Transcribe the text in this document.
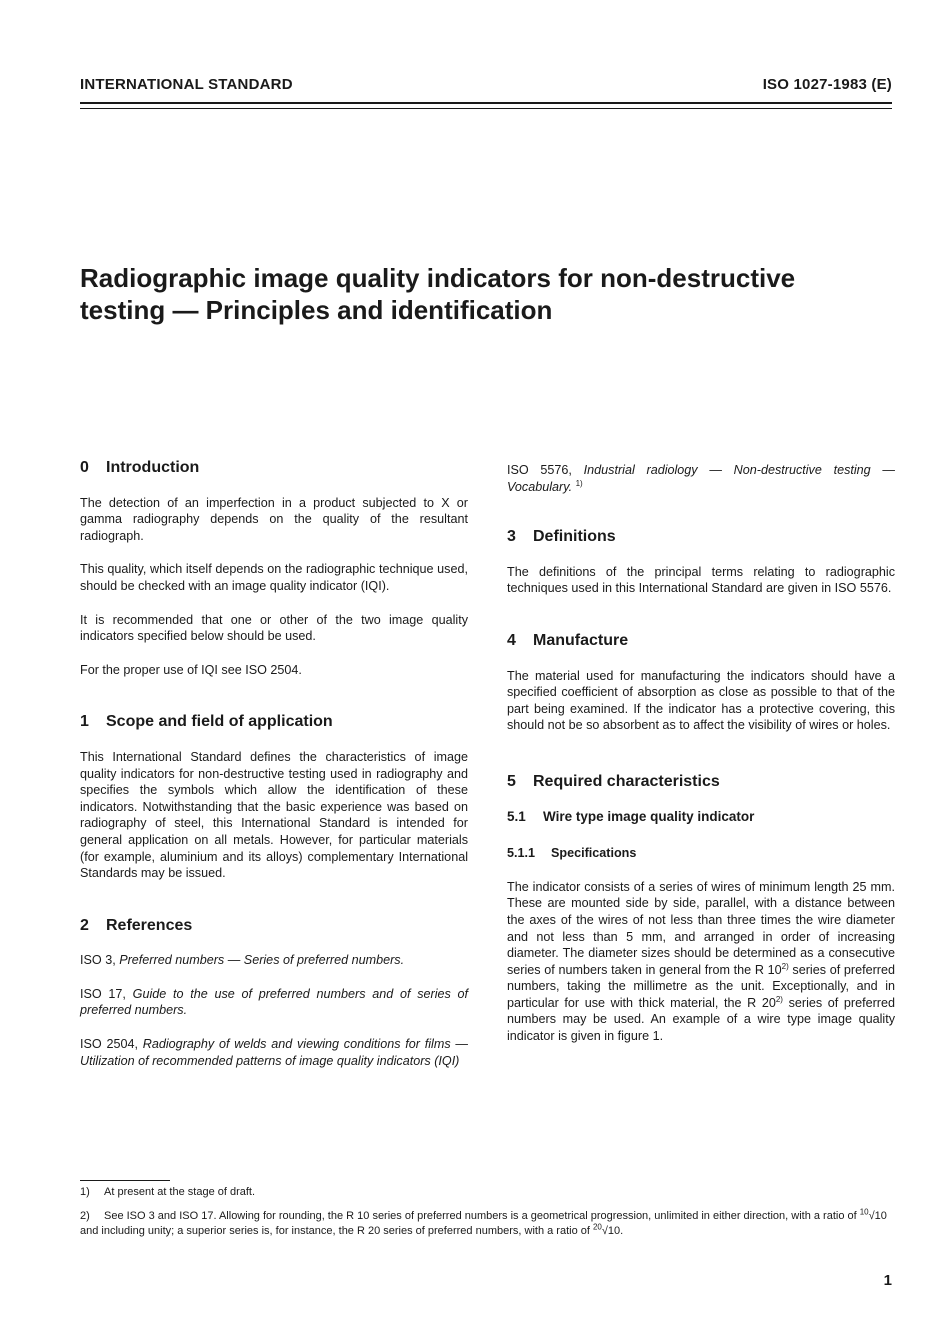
INTERNATIONAL STANDARD	ISO 1027-1983 (E)
Radiographic image quality indicators for non-destructive
testing — Principles and identification
0 Introduction

The detection of an imperfection in a product subjected to X or gamma radiography depends on the quality of the resultant radiograph.

This quality, which itself depends on the radiographic technique used, should be checked with an image quality indicator (IQI).

It is recommended that one or other of the two image quality indicators specified below should be used.

For the proper use of IQI see ISO 2504.

1 Scope and field of application

This International Standard defines the characteristics of image quality indicators for non-destructive testing used in radiography and specifies the symbols which allow the identification of these indicators. Notwithstanding that the basic experience was based on radiography of steel, this International Standard is intended for general application on all metals. However, for particular materials (for example, aluminium and its alloys) complementary International Standards may be issued.

2 References

ISO 3, Preferred numbers — Series of preferred numbers.

ISO 17, Guide to the use of preferred numbers and of series of preferred numbers.

ISO 2504, Radiography of welds and viewing conditions for films — Utilization of recommended patterns of image quality indicators (IQI)

ISO 5576, Industrial radiology — Non-destructive testing — Vocabulary. $^{1)}$

3 Definitions

The definitions of the principal terms relating to radiographic techniques used in this International Standard are given in ISO 5576.

4 Manufacture

The material used for manufacturing the indicators should have a specified coefficient of absorption as close as possible to that of the part being examined. If the indicator has a protective covering, this should not be so absorbent as to affect the visibility of wires or holes.

5 Required characteristics
5.1 Wire type image quality indicator
5.1.1 Specifications

The indicator consists of a series of wires of minimum length 25 mm. These are mounted side by side, parallel, with a distance between the axes of the wires of not less than three times the wire diameter and not less than 5 mm, and arranged in order of increasing diameter. The diameter sizes should be determined as a consecutive series of numbers taken in general from the R 10$^{2)}$ series of preferred numbers, taking the millimetre as the unit. Exceptionally, and in particular for use with thick material, the R 20$^{2)}$ series of preferred numbers may be used. An example of a wire type image quality indicator is given in figure 1.

1) At present at the stage of draft.
2) See ISO 3 and ISO 17. Allowing for rounding, the R 10 series of preferred numbers is a geometrical progression, unlimited in either direction, with a ratio of $^{10}$√10 and including unity; a superior series is, for instance, the R 20 series of preferred numbers, with a ratio of $^{20}$√10.
1
